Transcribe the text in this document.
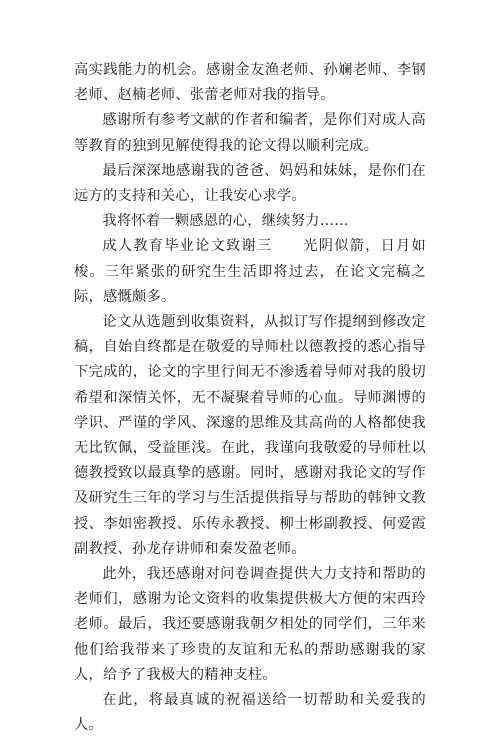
高实践能力的机会。感谢金友渔老师、孙斓老师、李钢老师、赵楠老师、张蕾老师对我的指导。

感谢所有参考文献的作者和编者，是你们对成人高等教育的独到见解使得我的论文得以顺利完成。

最后深深地感谢我的爸爸、妈妈和妹妹，是你们在远方的支持和关心，让我安心求学。

我将怀着一颗感恩的心，继续努力……

成人教育毕业论文致谢三　　光阴似箭，日月如梭。三年紧张的研究生生活即将过去，在论文完稿之际，感慨颇多。

论文从选题到收集资料，从拟订写作提纲到修改定稿，自始自终都是在敬爱的导师杜以德教授的悉心指导下完成的，论文的字里行间无不渗透着导师对我的殷切希望和深情关怀，无不凝聚着导师的心血。导师渊博的学识、严谨的学风、深邃的思维及其高尚的人格都使我无比钦佩，受益匪浅。在此，我谨向我敬爱的导师杜以德教授致以最真挚的感谢。同时，感谢对我论文的写作及研究生三年的学习与生活提供指导与帮助的韩钟文教授、李如密教授、乐传永教授、柳士彬副教授、何爱霞副教授、孙龙存讲师和秦发盈老师。

此外，我还感谢对问卷调查提供大力支持和帮助的老师们，感谢为论文资料的收集提供极大方便的宋西玲老师。最后，我还要感谢我朝夕相处的同学们，三年来他们给我带来了珍贵的友谊和无私的帮助感谢我的家人，给予了我极大的精神支柱。

在此，将最真诚的祝福送给一切帮助和关爱我的人。
